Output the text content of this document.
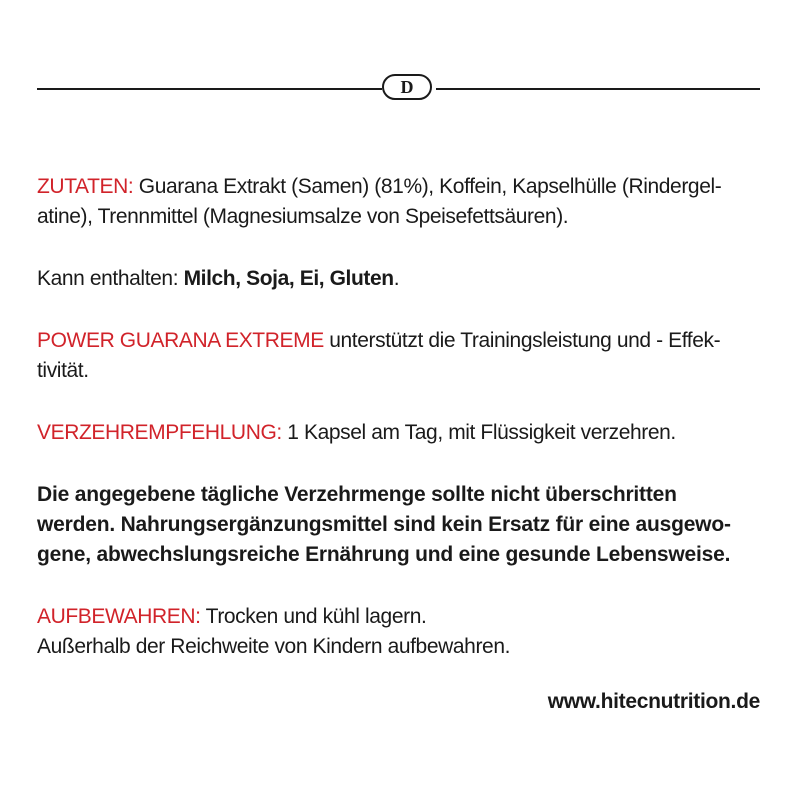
D

ZUTATEN: Guarana Extrakt (Samen) (81%), Koffein, Kapselhülle (Rindergel-
atine), Trennmittel (Magnesiumsalze von Speisefettsäuren).

Kann enthalten: Milch, Soja, Ei, Gluten.

POWER GUARANA EXTREME unterstützt die Trainingsleistung und - Effek-
tivität.

VERZEHREMPFEHLUNG: 1 Kapsel am Tag, mit Flüssigkeit verzehren.

Die angegebene tägliche Verzehrmenge sollte nicht überschritten
werden. Nahrungsergänzungsmittel sind kein Ersatz für eine ausgewo-
gene, abwechslungsreiche Ernährung und eine gesunde Lebensweise.

AUFBEWAHREN: Trocken und kühl lagern.
Außerhalb der Reichweite von Kindern aufbewahren.

www.hitecnutrition.de
